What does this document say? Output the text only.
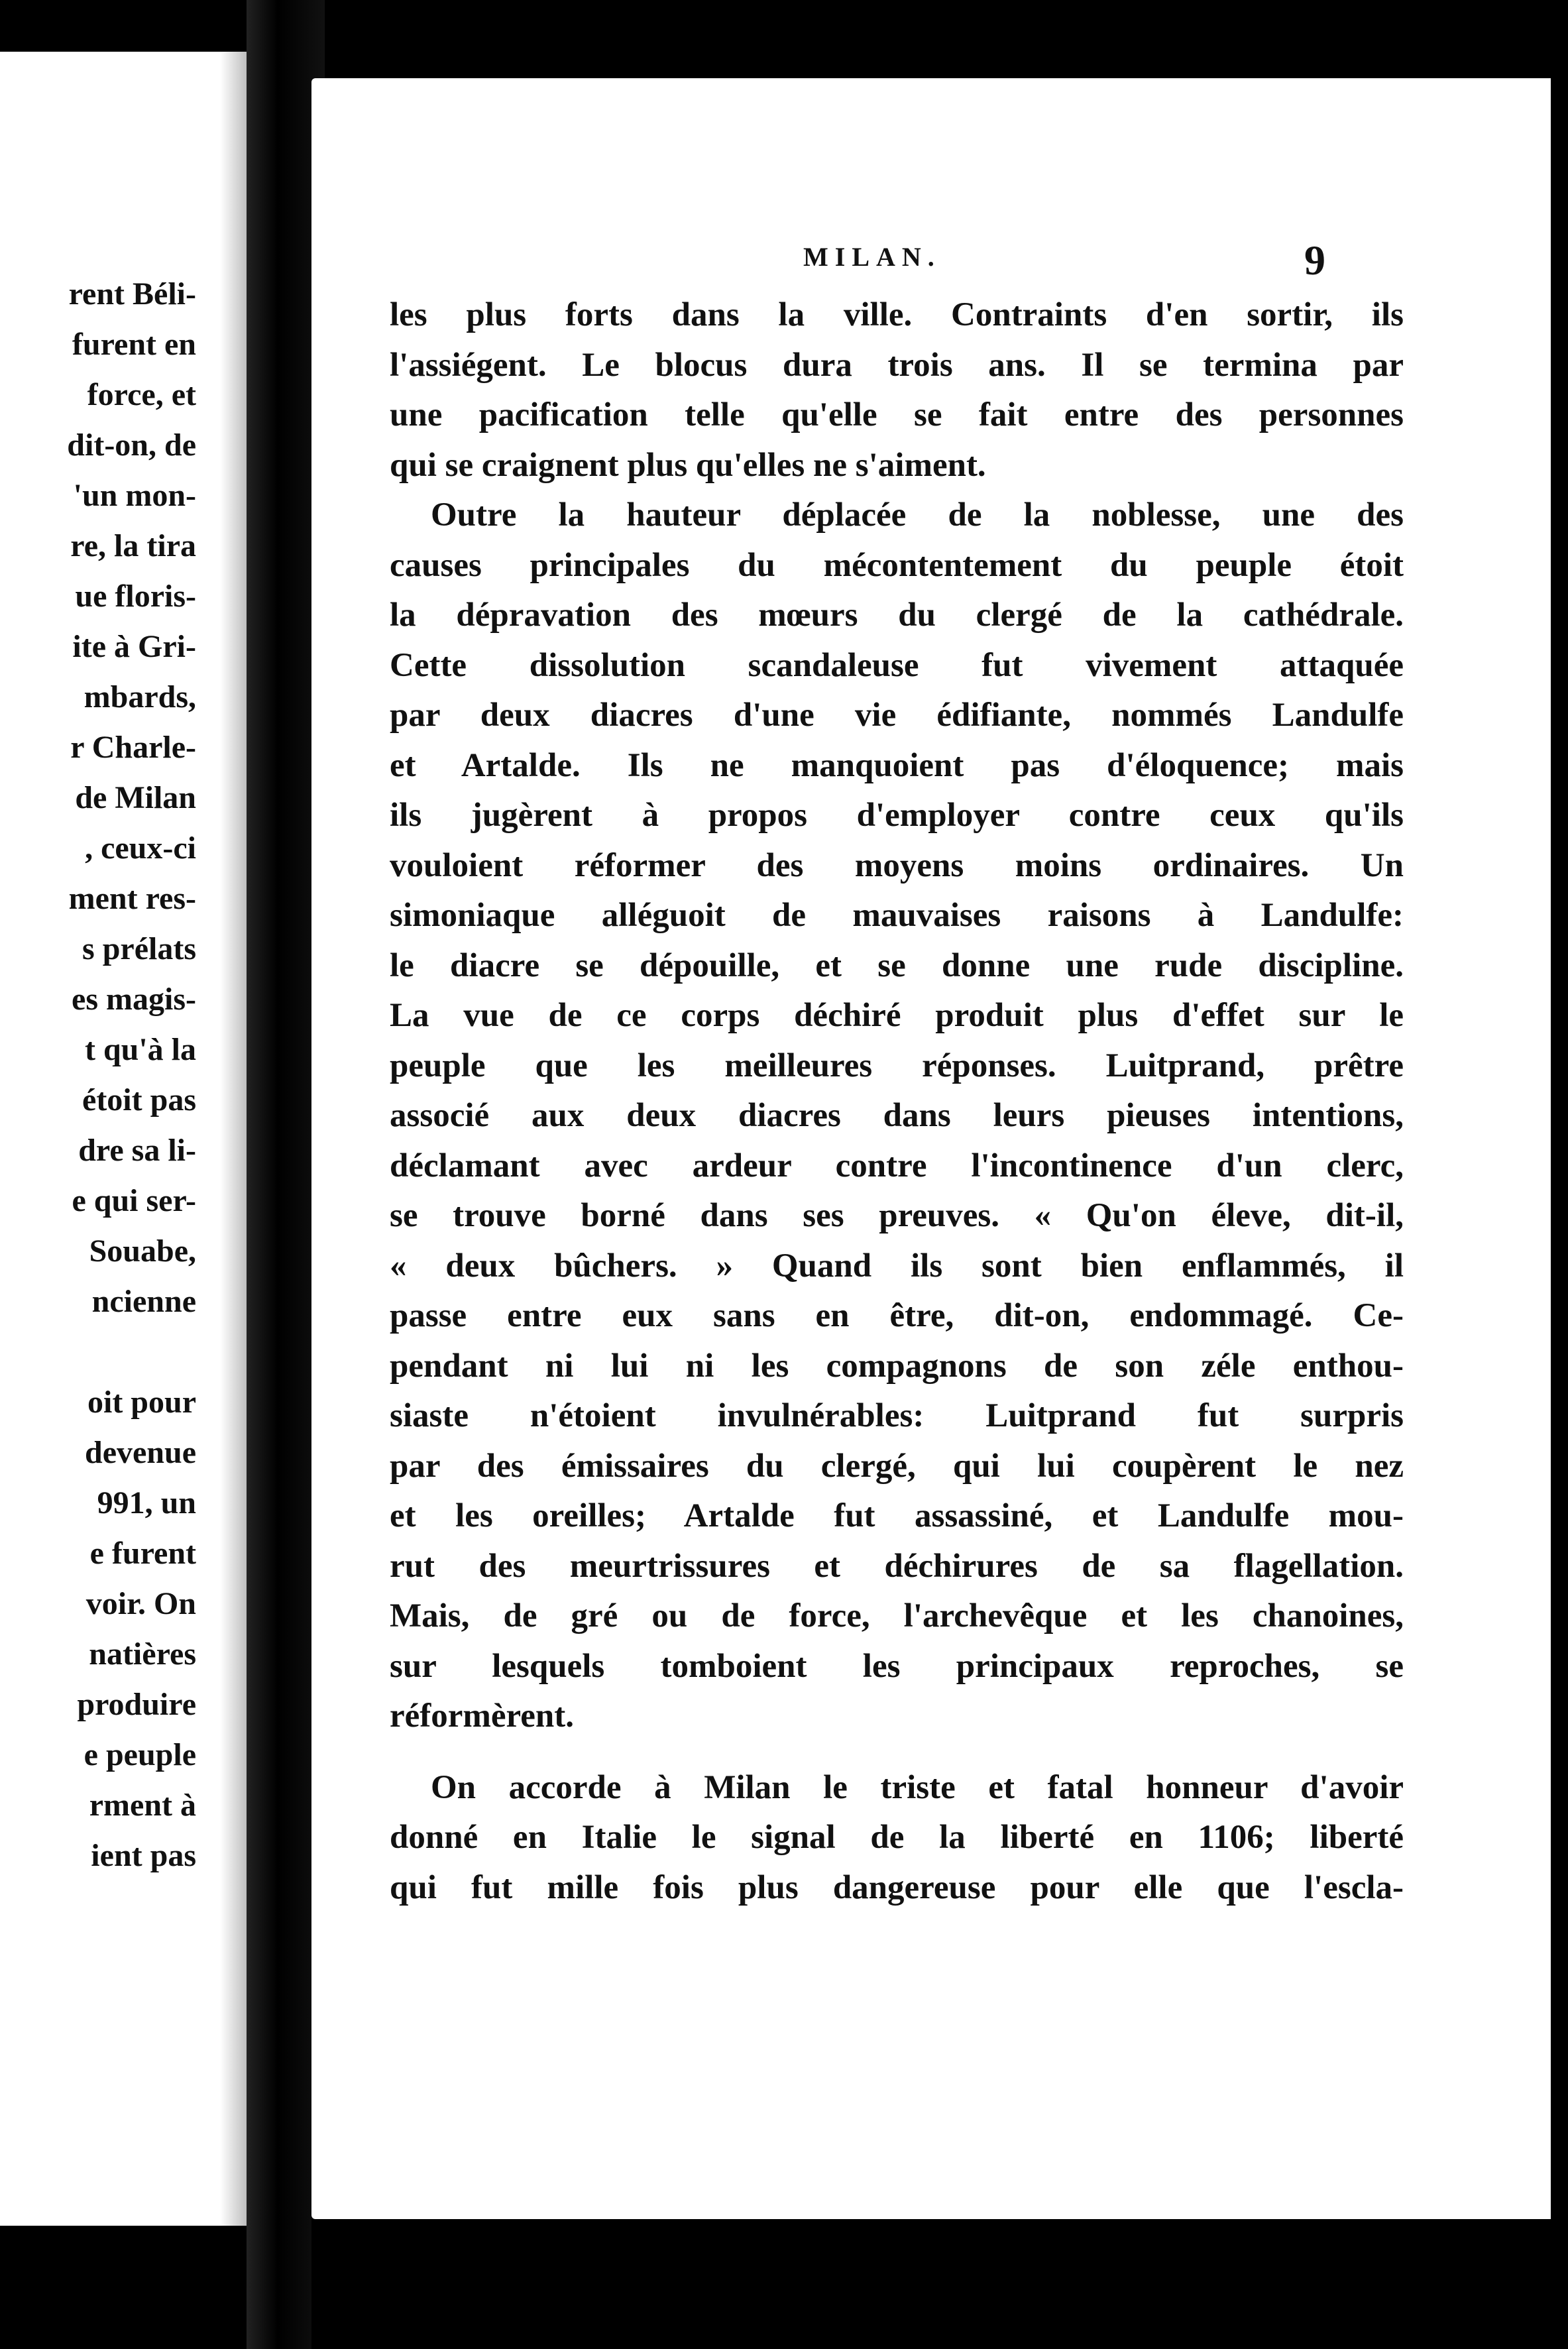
rent Béli-
furent en
force, et
dit-on, de
'un mon-
re, la tira
ue floris-
ite à Gri-
mbards,
r Charle-
de Milan
, ceux-ci
ment res-
s prélats
es magis-
t qu'à la
étoit pas
dre sa li-
e qui ser-
Souabe,
ncienne
oit pour
devenue
991, un
e furent
voir. On
natières
produire
e peuple
rment à
ient pas
MILAN.	9
les plus forts dans la ville. Contraints d'en sortir, ils
l'assiégent. Le blocus dura trois ans. Il se termina par
une pacification telle qu'elle se fait entre des personnes
qui se craignent plus qu'elles ne s'aiment.
Outre la hauteur déplacée de la noblesse, une des
causes principales du mécontentement du peuple étoit
la dépravation des mœurs du clergé de la cathédrale.
Cette dissolution scandaleuse fut vivement attaquée
par deux diacres d'une vie édifiante, nommés Landulfe
et Artalde. Ils ne manquoient pas d'éloquence; mais
ils jugèrent à propos d'employer contre ceux qu'ils
vouloient réformer des moyens moins ordinaires. Un
simoniaque alléguoit de mauvaises raisons à Landulfe:
le diacre se dépouille, et se donne une rude discipline.
La vue de ce corps déchiré produit plus d'effet sur le
peuple que les meilleures réponses. Luitprand, prêtre
associé aux deux diacres dans leurs pieuses intentions,
déclamant avec ardeur contre l'incontinence d'un clerc,
se trouve borné dans ses preuves. « Qu'on éleve, dit-il,
« deux bûchers. » Quand ils sont bien enflammés, il
passe entre eux sans en être, dit-on, endommagé. Ce-
pendant ni lui ni les compagnons de son zéle enthou-
siaste n'étoient invulnérables: Luitprand fut surpris
par des émissaires du clergé, qui lui coupèrent le nez
et les oreilles; Artalde fut assassiné, et Landulfe mou-
rut des meurtrissures et déchirures de sa flagellation.
Mais, de gré ou de force, l'archevêque et les chanoines,
sur lesquels tomboient les principaux reproches, se
réformèrent.
On accorde à Milan le triste et fatal honneur d'avoir
donné en Italie le signal de la liberté en 1106; liberté
qui fut mille fois plus dangereuse pour elle que l'escla-
